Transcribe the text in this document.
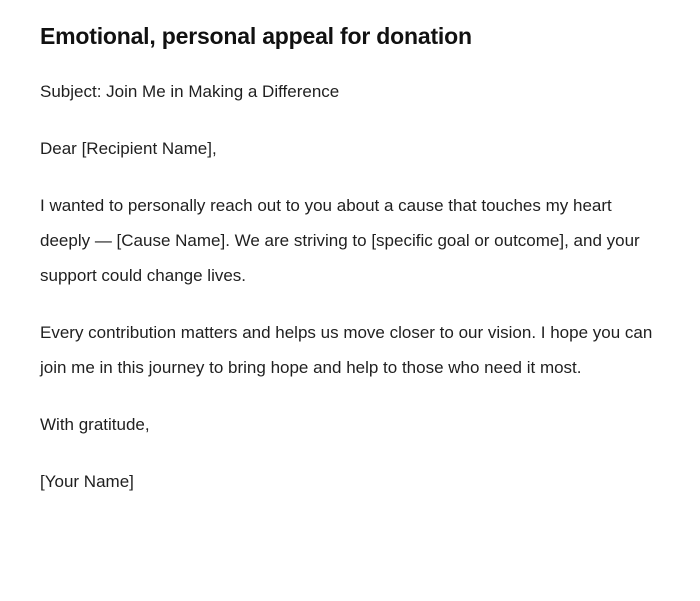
Emotional, personal appeal for donation

Subject: Join Me in Making a Difference

Dear [Recipient Name],

I wanted to personally reach out to you about a cause that touches my heart deeply — [Cause Name]. We are striving to [specific goal or outcome], and your support could change lives.

Every contribution matters and helps us move closer to our vision. I hope you can join me in this journey to bring hope and help to those who need it most.

With gratitude,

[Your Name]
